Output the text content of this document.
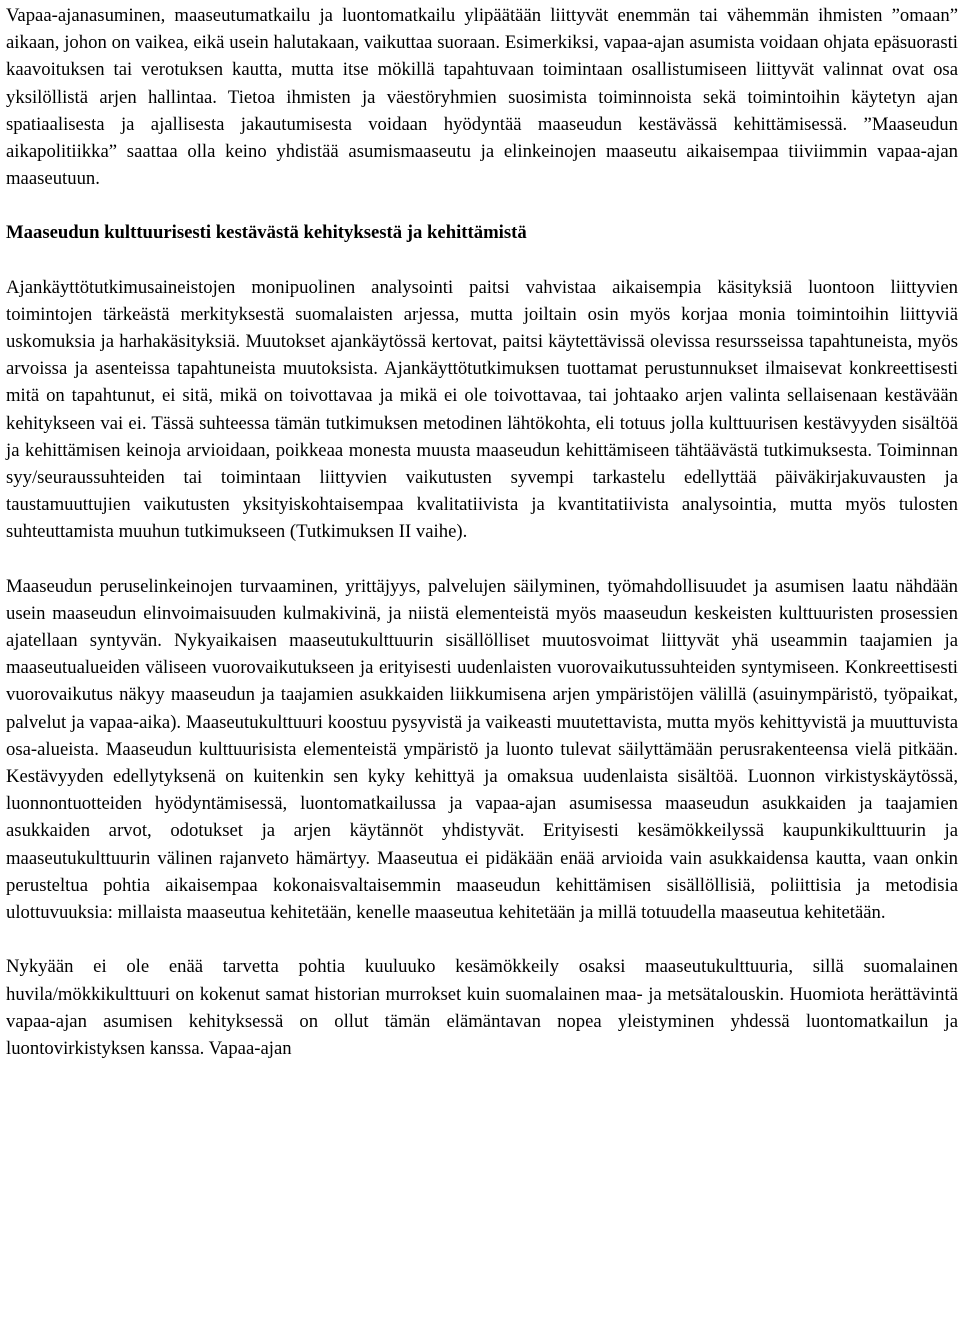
Vapaa-ajanasuminen, maaseutumatkailu ja luontomatkailu ylipäätään liittyvät enemmän tai vähemmän ihmisten ”omaan” aikaan, johon on vaikea, eikä usein halutakaan, vaikuttaa suoraan. Esimerkiksi, vapaa-ajan asumista voidaan ohjata epäsuorasti kaavoituksen tai verotuksen kautta, mutta itse mökillä tapahtuvaan toimintaan osallistumiseen liittyvät valinnat ovat osa yksilöllistä arjen hallintaa. Tietoa ihmisten ja väestöryhmien suosimista toiminnoista sekä toimintoihin käytetyn ajan spatiaalisesta ja ajallisesta jakautumisesta voidaan hyödyntää maaseudun kestävässä kehittämisessä. ”Maaseudun aikapolitiikka” saattaa olla keino yhdistää asumismaaseutu ja elinkeinojen maaseutu aikaisempaa tiiviimmin vapaa-ajan maaseutuun.

Maaseudun kulttuurisesti kestävästä kehityksestä ja kehittämistä

Ajankäyttötutkimusaineistojen monipuolinen analysointi paitsi vahvistaa aikaisempia käsityksiä luontoon liittyvien toimintojen tärkeästä merkityksestä suomalaisten arjessa, mutta joiltain osin myös korjaa monia toimintoihin liittyviä uskomuksia ja harhakäsityksiä. Muutokset ajankäytössä kertovat, paitsi käytettävissä olevissa resursseissa tapahtuneista, myös arvoissa ja asenteissa tapahtuneista muutoksista. Ajankäyttötutkimuksen tuottamat perustunnukset ilmaisevat konkreettisesti mitä on tapahtunut, ei sitä, mikä on toivottavaa ja mikä ei ole toivottavaa, tai johtaako arjen valinta sellaisenaan kestävään kehitykseen vai ei. Tässä suhteessa tämän tutkimuksen metodinen lähtökohta, eli totuus jolla kulttuurisen kestävyyden sisältöä ja kehittämisen keinoja arvioidaan, poikkeaa monesta muusta maaseudun kehittämiseen tähtäävästä tutkimuksesta. Toiminnan syy/seuraussuhteiden tai toimintaan liittyvien vaikutusten syvempi tarkastelu edellyttää päiväkirjakuvausten ja taustamuuttujien vaikutusten yksityiskohtaisempaa kvalitatiivista ja kvantitatiivista analysointia, mutta myös tulosten suhteuttamista muuhun tutkimukseen (Tutkimuksen II vaihe).

Maaseudun peruselinkeinojen turvaaminen, yrittäjyys, palvelujen säilyminen, työmahdollisuudet ja asumisen laatu nähdään usein maaseudun elinvoimaisuuden kulmakivinä, ja niistä elementeistä myös maaseudun keskeisten kulttuuristen prosessien ajatellaan syntyvän. Nykyaikaisen maaseutukulttuurin sisällölliset muutosvoimat liittyvät yhä useammin taajamien ja maaseutualueiden väliseen vuorovaikutukseen ja erityisesti uudenlaisten vuorovaikutussuhteiden syntymiseen. Konkreettisesti vuorovaikutus näkyy maaseudun ja taajamien asukkaiden liikkumisena arjen ympäristöjen välillä (asuinympäristö, työpaikat, palvelut ja vapaa-aika). Maaseutukulttuuri koostuu pysyvistä ja vaikeasti muutettavista, mutta myös kehittyvistä ja muuttuvista osa-alueista. Maaseudun kulttuurisista elementeistä ympäristö ja luonto tulevat säilyttämään perusrakenteensa vielä pitkään. Kestävyyden edellytyksenä on kuitenkin sen kyky kehittyä ja omaksua uudenlaista sisältöä. Luonnon virkistyskäytössä, luonnontuotteiden hyödyntämisessä, luontomatkailussa ja vapaa-ajan asumisessa maaseudun asukkaiden ja taajamien asukkaiden arvot, odotukset ja arjen käytännöt yhdistyvät. Erityisesti kesämökkeilyssä kaupunkikulttuurin ja maaseutukulttuurin välinen rajanveto hämärtyy. Maaseutua ei pidäkään enää arvioida vain asukkaidensa kautta, vaan onkin perusteltua pohtia aikaisempaa kokonaisvaltaisemmin maaseudun kehittämisen sisällöllisiä, poliittisia ja metodisia ulottuvuuksia: millaista maaseutua kehitetään, kenelle maaseutua kehitetään ja millä totuudella maaseutua kehitetään.

Nykyään ei ole enää tarvetta pohtia kuuluuko kesämökkeily osaksi maaseutukulttuuria, sillä suomalainen huvila/mökkikulttuuri on kokenut samat historian murrokset kuin suomalainen maa- ja metsätalouskin. Huomiota herättävintä vapaa-ajan asumisen kehityksessä on ollut tämän elämäntavan nopea yleistyminen yhdessä luontomatkailun ja luontovirkistyksen kanssa. Vapaa-ajan
